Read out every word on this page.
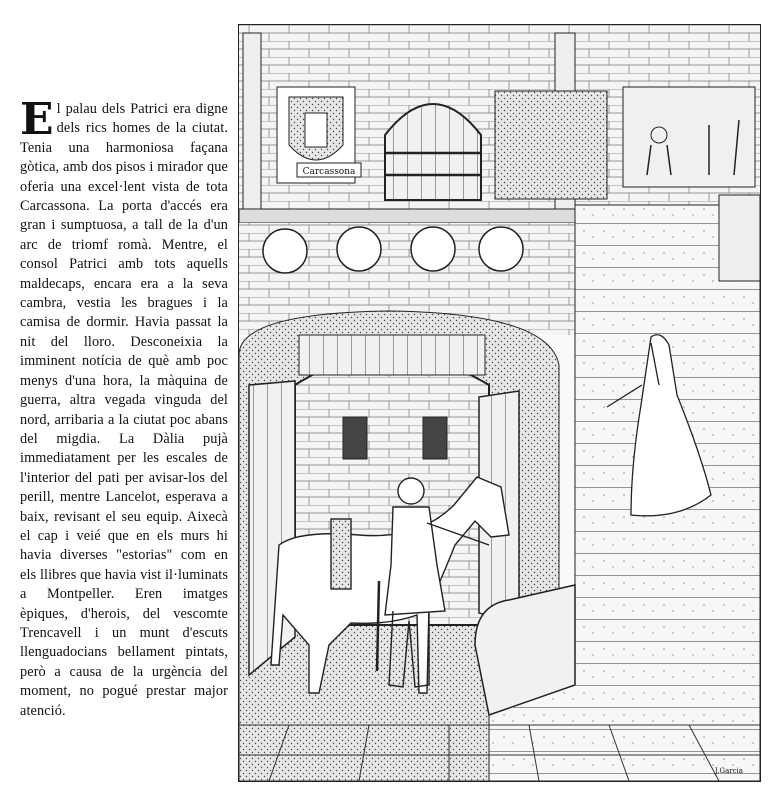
El palau dels Patrici era digne dels rics homes de la ciutat. Tenia una harmoniosa façana gòtica, amb dos pisos i mirador que oferia una excel·lent vista de tota Carcassona. La porta d'accés era gran i sumptuosa, a tall de la d'un arc de triomf romà. Mentre, el consol Patrici amb tots aquells maldecaps, encara era a la seva cambra, vestia les bragues i la camisa de dormir. Havia passat la nit del lloro. Desconeixia la imminent notícia de què amb poc menys d'una hora, la màquina de guerra, altra vegada vinguda del nord, arribaria a la ciutat poc abans del migdia. La Dàlia pujà immediatament per les escales de l'interior del pati per avisar-los del perill, mentre Lancelot, esperava a baix, revisant el seu equip. Aixecà el cap i veié que en els murs hi havia diverses "estorias" com en els llibres que havia vist il·luminats a Montpeller. Eren imatges èpiques, d'herois, del vescomte Trencavell i un munt d'escuts llenguadocians bellament pintats, però a causa de la urgència del moment, no pogué prestar major atenció.
Carcassona
J.Garcia
